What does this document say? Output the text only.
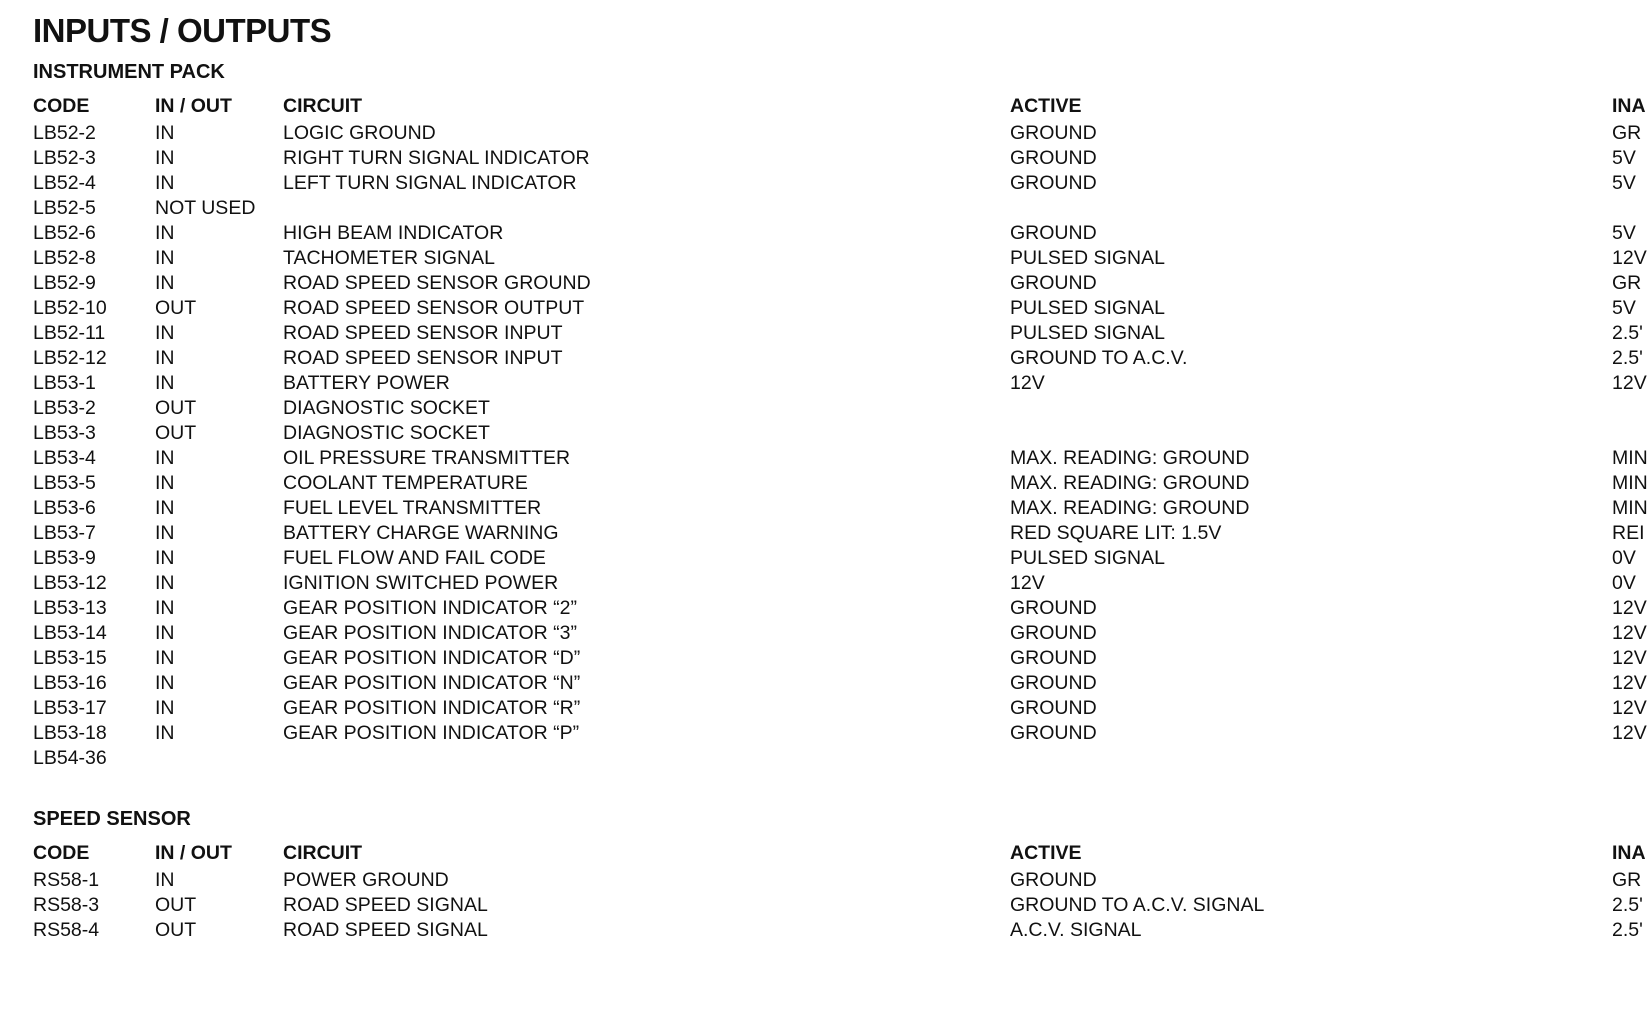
INPUTS / OUTPUTS
INSTRUMENT PACK
CODE	IN / OUT	CIRCUIT	ACTIVE	INA
LB52-2	IN	LOGIC GROUND	GROUND	GR
LB52-3	IN	RIGHT TURN SIGNAL INDICATOR	GROUND	5V
LB52-4	IN	LEFT TURN SIGNAL INDICATOR	GROUND	5V
LB52-5	NOT USED
LB52-6	IN	HIGH BEAM INDICATOR	GROUND	5V
LB52-8	IN	TACHOMETER SIGNAL	PULSED SIGNAL	12V
LB52-9	IN	ROAD SPEED SENSOR GROUND	GROUND	GR
LB52-10 OUT	ROAD SPEED SENSOR OUTPUT	PULSED SIGNAL	5V
LB52-11	IN	ROAD SPEED SENSOR INPUT	PULSED SIGNAL	2.5'
LB52-12 IN	ROAD SPEED SENSOR INPUT	GROUND TO A.C.V.	2.5'
LB53-1	IN	BATTERY POWER	12V	12V
LB53-2	OUT	DIAGNOSTIC SOCKET
LB53-3	OUT	DIAGNOSTIC SOCKET
LB53-4	IN	OIL PRESSURE TRANSMITTER	MAX. READING: GROUND	MIN
LB53-5	IN	COOLANT TEMPERATURE	MAX. READING: GROUND	MIN
LB53-6	IN	FUEL LEVEL TRANSMITTER	MAX. READING: GROUND	MIN
LB53-7	IN	BATTERY CHARGE WARNING	RED SQUARE LIT: 1.5V	REI
LB53-9	IN	FUEL FLOW AND FAIL CODE	PULSED SIGNAL	0V
LB53-12 IN	IGNITION SWITCHED POWER	12V	0V
LB53-13 IN	GEAR POSITION INDICATOR “2”	GROUND	12V
LB53-14 IN	GEAR POSITION INDICATOR “3”	GROUND	12V
LB53-15 IN	GEAR POSITION INDICATOR “D”	GROUND	12V
LB53-16 IN	GEAR POSITION INDICATOR “N”	GROUND	12V
LB53-17 IN	GEAR POSITION INDICATOR “R”	GROUND	12V
LB53-18 IN	GEAR POSITION INDICATOR “P”	GROUND	12V
LB54-36
SPEED SENSOR
CODE	IN / OUT	CIRCUIT	ACTIVE	INA
RS58-1	IN	POWER GROUND	GROUND	GR
RS58-3	OUT	ROAD SPEED SIGNAL	GROUND TO A.C.V. SIGNAL	2.5'
RS58-4	OUT	ROAD SPEED SIGNAL	A.C.V. SIGNAL	2.5'
